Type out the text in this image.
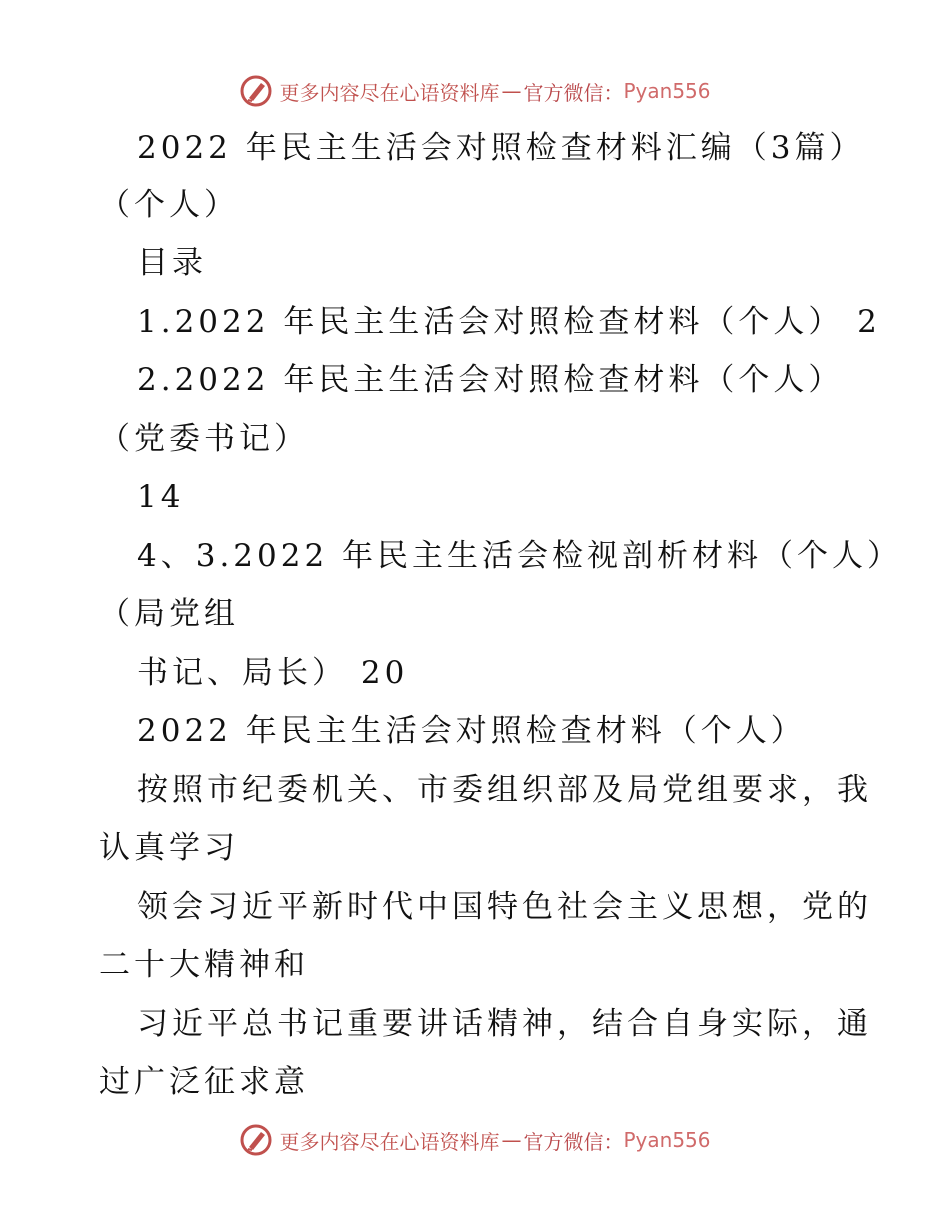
更多内容尽在心语资料库 — 官方微信： Pyan556
2022 年民主生活会对照检查材料汇编（3篇）
（个人）
目录
1.2022 年民主生活会对照检查材料（个人） 2
2.2022 年民主生活会对照检查材料（个人）
（党委书记）
14
4、3.2022 年民主生活会检视剖析材料（个人）
（局党组
书记、局长） 20
2022 年民主生活会对照检查材料（个人）
按照市纪委机关、市委组织部及局党组要求，我
认真学习
领会习近平新时代中国特色社会主义思想，党的
二十大精神和
习近平总书记重要讲话精神，结合自身实际，通
过广泛征求意
更多内容尽在心语资料库 — 官方微信： Pyan556
